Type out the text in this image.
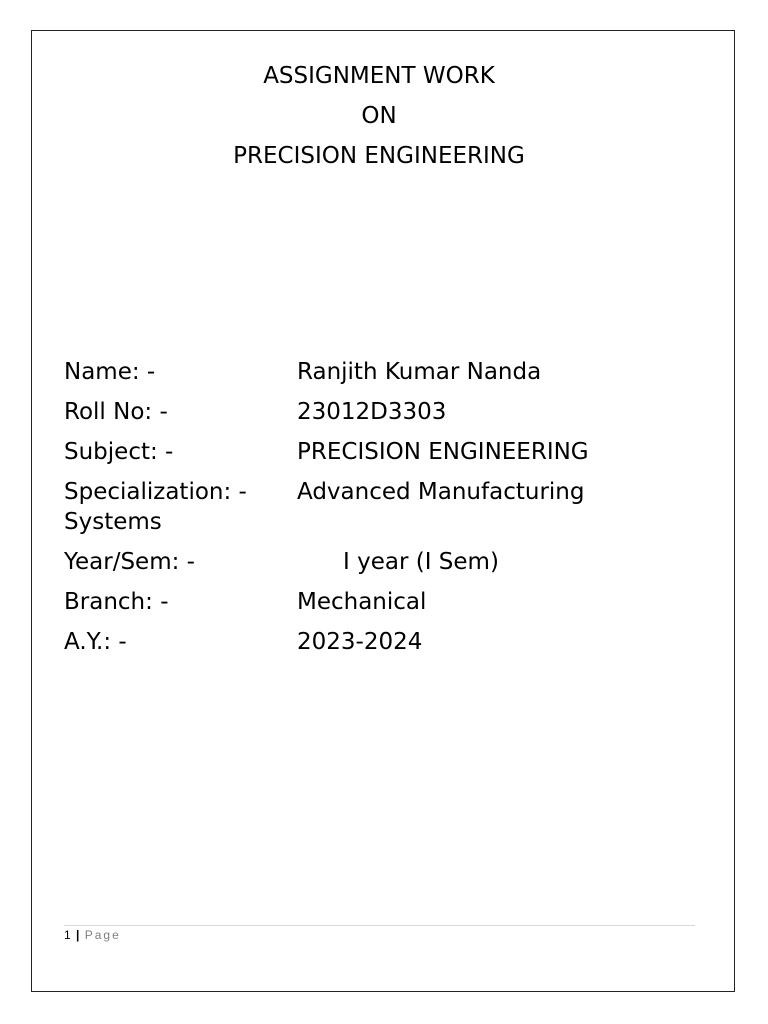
ASSIGNMENT WORK
ON
PRECISION ENGINEERING
Name: -	Ranjith Kumar Nanda
Roll No: -	23012D3303
Subject: -	PRECISION ENGINEERING
Specialization: - Advanced Manufacturing
Systems
Year/Sem: -	I year (I Sem)
Branch: -	Mechanical
A.Y.: -	2023-2024
1 | Page
